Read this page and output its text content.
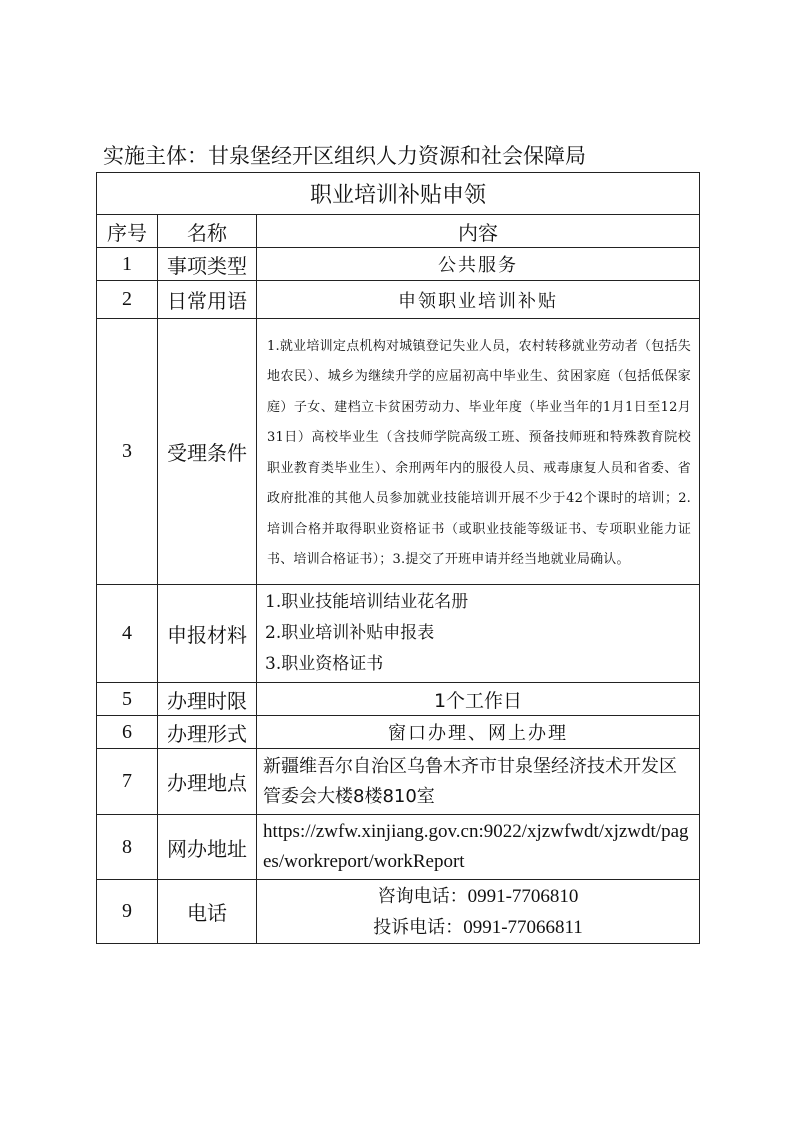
实施主体：甘泉堡经开区组织人力资源和社会保障局
职业培训补贴申领		
序号	名称	内容
1	事项类型	公共服务
2	日常用语	申领职业培训补贴
3	受理条件	1.就业培训定点机构对城镇登记失业人员，农村转移就业劳动者（包括失地农民）、城乡为继续升学的应届初高中毕业生、贫困家庭（包括低保家庭）子女、建档立卡贫困劳动力、毕业年度（毕业当年的1月1日至12月31日）高校毕业生（含技师学院高级工班、预备技师班和特殊教育院校职业教育类毕业生）、余刑两年内的服役人员、戒毒康复人员和省委、省政府批准的其他人员参加就业技能培训开展不少于42个课时的培训；2.培训合格并取得职业资格证书（或职业技能等级证书、专项职业能力证书、培训合格证书）；3.提交了开班申请并经当地就业局确认。

4	申报材料	1.职业技能培训结业花名册
2.职业培训补贴申报表
3.职业资格证书

5	办理时限	1个工作日
6	办理形式	窗口办理、网上办理
7	办理地点	新疆维吾尔自治区乌鲁木齐市甘泉堡经济技术开发区管委会大楼8楼810室

8	网办地址	https://zwfw.xinjiang.gov.cn:9022/xjzwfwdt/xjzwdt/pages/workreport/workReport

9	电话	咨询电话：0991-7706810
投诉电话：0991-77066811
